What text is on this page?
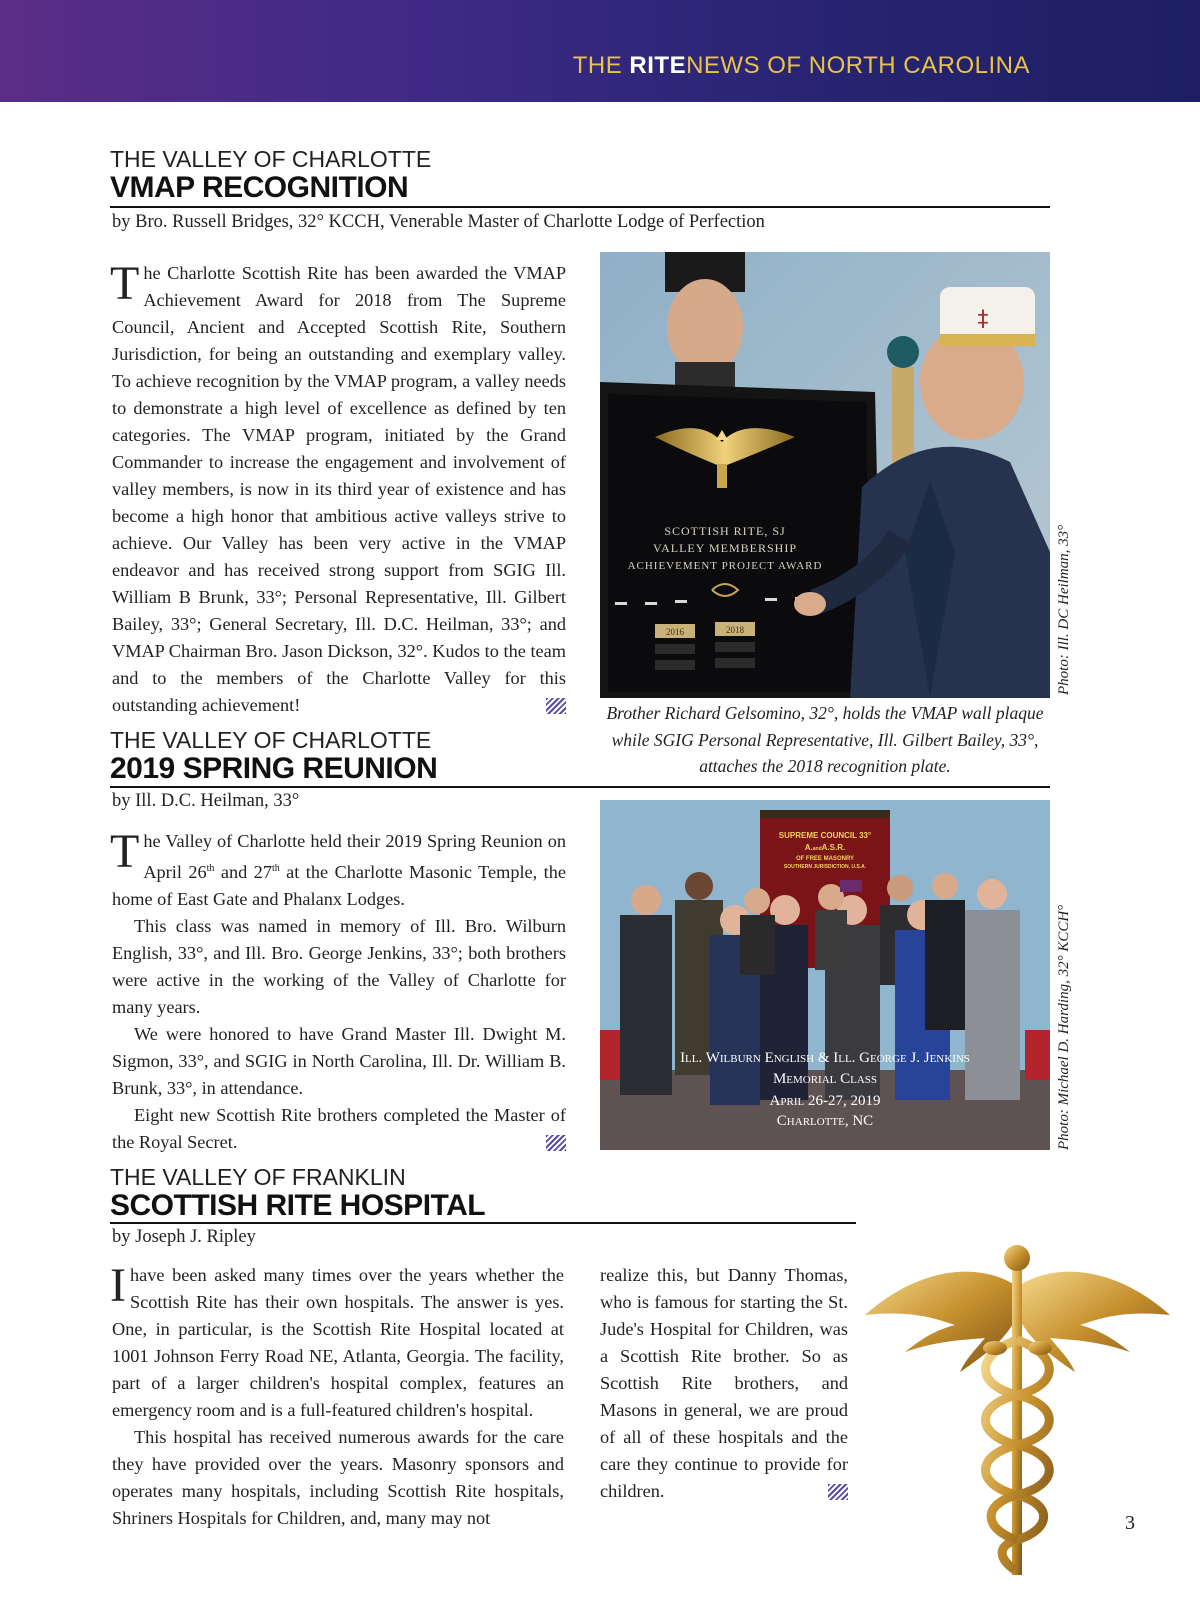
THE RITENEWS OF NORTH CAROLINA
THE VALLEY OF CHARLOTTE
VMAP RECOGNITION
by Bro. Russell Bridges, 32° KCCH, Venerable Master of Charlotte Lodge of Perfection

The Charlotte Scottish Rite has been awarded the VMAP Achievement Award for 2018 from The Supreme Council, Ancient and Accepted Scottish Rite, Southern Jurisdiction, for being an outstanding and exemplary valley. To achieve recognition by the VMAP program, a valley needs to demonstrate a high level of excellence as defined by ten categories. The VMAP program, initiated by the Grand Commander to increase the engagement and involvement of valley members, is now in its third year of existence and has become a high honor that ambitious active valleys strive to achieve. Our Valley has been very active in the VMAP endeavor and has received strong support from SGIG Ill. William B Brunk, 33°; Personal Representative, Ill. Gilbert Bailey, 33°; General Secretary, Ill. D.C. Heilman, 33°; and VMAP Chairman Bro. Jason Dickson, 32°. Kudos to the team and to the members of the Charlotte Valley for this outstanding achievement!

SCOTTISH RITE, SJ
VALLEY MEMBERSHIP
ACHIEVEMENT PROJECT AWARD
2016	2018
‡
Photo: Ill. DC Heilman, 33°
Brother Richard Gelsomino, 32°, holds the VMAP wall plaque while SGIG Personal Representative, Ill. Gilbert Bailey, 33°, attaches the 2018 recognition plate.
THE VALLEY OF CHARLOTTE
2019 SPRING REUNION
by Ill. D.C. Heilman, 33°

The Valley of Charlotte held their 2019 Spring Reunion on April 26th and 27th at the Charlotte Masonic Temple, the home of East Gate and Phalanx Lodges.

This class was named in memory of Ill. Bro. Wilburn English, 33°, and Ill. Bro. George Jenkins, 33°; both brothers were active in the working of the Valley of Charlotte for many years.

We were honored to have Grand Master Ill. Dwight M. Sigmon, 33°, and SGIG in North Carolina, Ill. Dr. William B. Brunk, 33°, in attendance.

Eight new Scottish Rite brothers completed the Master of the Royal Secret.

SUPREME COUNCIL 33°
A.andA.S.R.
OF FREE MASONRY
SOUTHERN JURISDICTION, U.S.A.
Ill. Wilburn English & Ill. George J. Jenkins
Memorial Class
April 26-27, 2019
Charlotte, NC	Photo: Michael D. Harding, 32° KCCH°
THE VALLEY OF FRANKLIN
SCOTTISH RITE HOSPITAL
by Joseph J. Ripley

I have been asked many times over the years whether the Scottish Rite has their own hospitals. The answer is yes. One, in particular, is the Scottish Rite Hospital located at 1001 Johnson Ferry Road NE, Atlanta, Georgia. The facility, part of a larger children's hospital complex, features an emergency room and is a full-featured children's hospital.

This hospital has received numerous awards for the care they have provided over the years. Masonry sponsors and operates many hospitals, including Scottish Rite hospitals, Shriners Hospitals for Children, and, many may not

realize this, but Danny Thomas, who is famous for starting the St. Jude's Hospital for Children, was a Scottish Rite brother. So as Scottish Rite brothers, and Masons in general, we are proud of all of these hospitals and the care they continue to provide for children.

3
